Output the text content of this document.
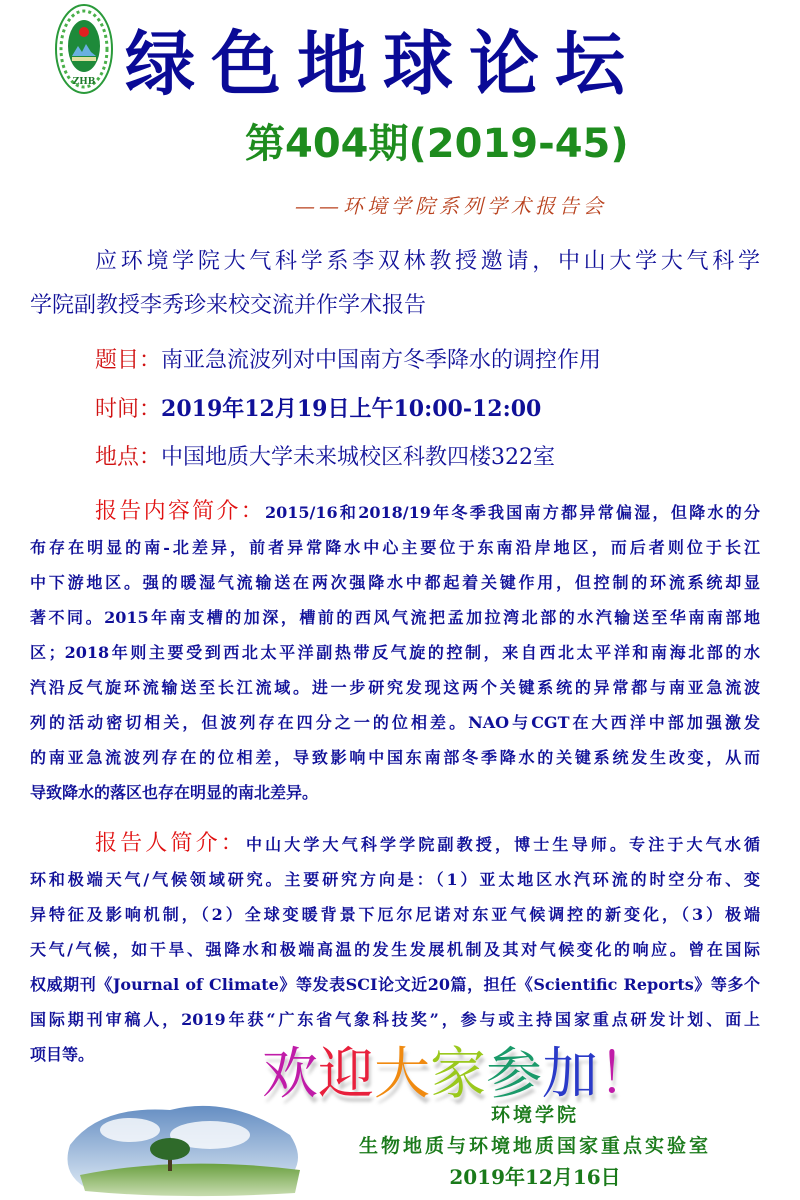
ZHB 绿色地球论坛
第404期(2019-45)
——环境学院系列学术报告会
应环境学院大气科学系李双林教授邀请，中山大学大气科学
学院副教授李秀珍来校交流并作学术报告
题目：南亚急流波列对中国南方冬季降水的调控作用
时间：2019年12月19日上午10:00-12:00
地点：中国地质大学未来城校区科教四楼322室
报告内容简介：2015/16和2018/19年冬季我国南方都异常偏湿，但降水的分
布存在明显的南-北差异，前者异常降水中心主要位于东南沿岸地区，而后者则位于长江
中下游地区。强的暖湿气流输送在两次强降水中都起着关键作用，但控制的环流系统却显
著不同。2015年南支槽的加深，槽前的西风气流把孟加拉湾北部的水汽输送至华南南部地
区；2018年则主要受到西北太平洋副热带反气旋的控制，来自西北太平洋和南海北部的水
汽沿反气旋环流输送至长江流域。进一步研究发现这两个关键系统的异常都与南亚急流波
列的活动密切相关，但波列存在四分之一的位相差。NAO与CGT在大西洋中部加强激发
的南亚急流波列存在的位相差，导致影响中国东南部冬季降水的关键系统发生改变，从而
导致降水的落区也存在明显的南北差异。
报告人简介：中山大学大气科学学院副教授，博士生导师。专注于大气水循
环和极端天气/气候领域研究。主要研究方向是：（1）亚太地区水汽环流的时空分布、变
异特征及影响机制，（2）全球变暖背景下厄尔尼诺对东亚气候调控的新变化，（3）极端
天气/气候，如干旱、强降水和极端高温的发生发展机制及其对气候变化的响应。曾在国际
权威期刊《Journal of Climate》等发表SCI论文近20篇，担任《Scientific Reports》等多个
国际期刊审稿人，2019年获“广东省气象科技奖”，参与或主持国家重点研发计划、面上
项目等。	欢迎大家参加！
环境学院
生物地质与环境地质国家重点实验室
2019年12月16日
